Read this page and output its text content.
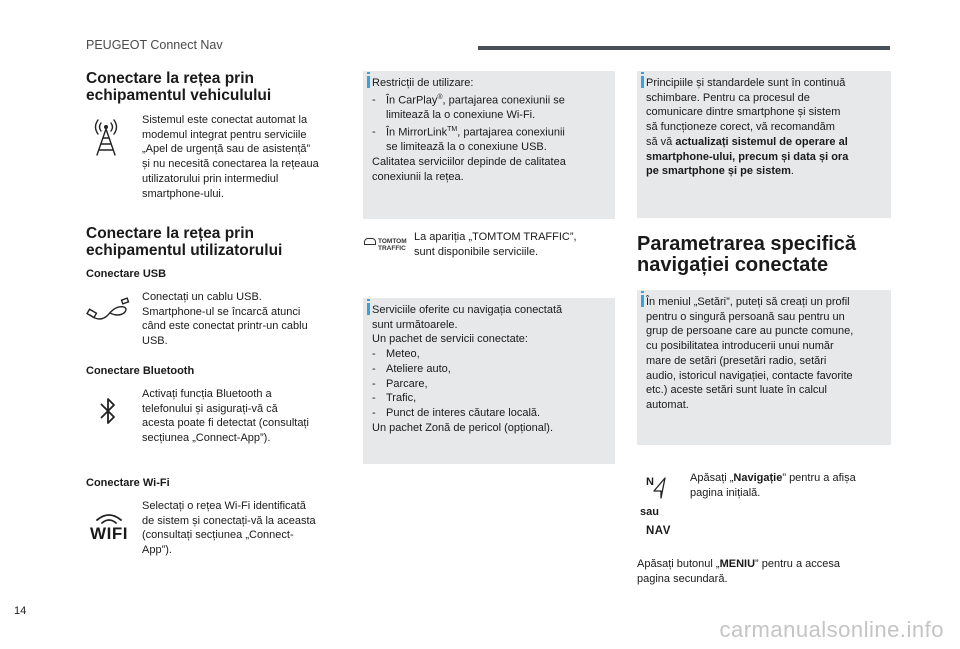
PEUGEOT Connect Nav
Conectare la rețea prin
echipamentul vehiculului
Sistemul este conectat automat la
modemul integrat pentru serviciile
„Apel de urgență sau de asistență”
și nu necesită conectarea la rețeaua
utilizatorului prin intermediul
smartphone-ului.
Conectare la rețea prin
echipamentul utilizatorului
Conectare USB
Conectați un cablu USB.
Smartphone-ul se încarcă atunci
când este conectat printr-un cablu
USB.
Conectare Bluetooth
Activați funcția Bluetooth a
telefonului și asigurați-vă că
acesta poate fi detectat (consultați
secțiunea „Connect-App”).
Conectare Wi-Fi
WIFI
Selectați o rețea Wi-Fi identificată
de sistem și conectați-vă la aceasta
(consultați secțiunea „Connect-
App”).
Restricții de utilizare:
- În CarPlay®, partajarea conexiunii se
limitează la o conexiune Wi-Fi.
- În MirrorLink™, partajarea conexiunii
se limitează la o conexiune USB.
Calitatea serviciilor depinde de calitatea
conexiunii la rețea.
TOMTOM
TRAFFIC
La apariția „TOMTOM TRAFFIC”,
sunt disponibile serviciile.
Serviciile oferite cu navigația conectată
sunt următoarele.
Un pachet de servicii conectate:
- Meteo,
- Ateliere auto,
- Parcare,
- Trafic,
- Punct de interes căutare locală.
Un pachet Zonă de pericol (opțional).
Principiile și standardele sunt în continuă
schimbare. Pentru ca procesul de
comunicare dintre smartphone și sistem
să funcționeze corect, vă recomandăm
să vă actualizați sistemul de operare al
smartphone-ului, precum și data și ora
pe smartphone și pe sistem.
Parametrarea specifică
navigației conectate
În meniul „Setări”, puteți să creați un profil
pentru o singură persoană sau pentru un
grup de persoane care au puncte comune,
cu posibilitatea introducerii unui număr
mare de setări (presetări radio, setări
audio, istoricul navigației, contacte favorite
etc.) aceste setări sunt luate în calcul
automat.
N	Apăsați „Navigație” pentru a afișa
pagina inițială.
sau
NAV
Apăsați butonul „MENIU” pentru a accesa
pagina secundară.
14
carmanualsonline.info
